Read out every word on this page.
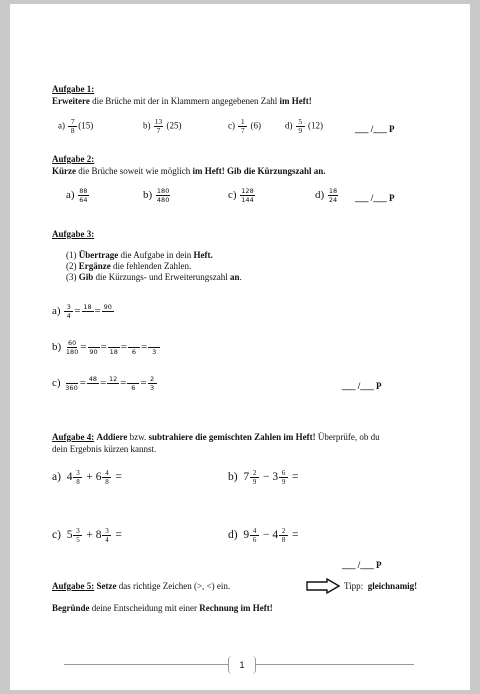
Aufgabe 1:
Erweitere die Brüche mit der in Klammern angegebenen Zahl im Heft!
$a) \frac{7}{8} (15)$	$b) \frac{13}{7} (25)$	$c) \frac{1}{7} (6)$	$d) \frac{5}{9} (12)$	___ /___ P
Aufgabe 2:
Kürze die Brüche soweit wie möglich im Heft! Gib die Kürzungszahl an.
$a) \frac{88}{64}$	$b) \frac{180}{480}$	$c) \frac{128}{144}$	$d) \frac{18}{24}$ ___ /___ P
Aufgabe 3:
(1) Übertrage die Aufgabe in dein Heft.
(2) Ergänze die fehlenden Zahlen.
(3) Gib die Kürzungs- und Erweiterungszahl an.
$a) \frac{3}{4} = 18 = 90$
$b) \frac{60}{180} = 90 = 18 = 6 = 3$
c) $360 = 48 = 12 = 6 = \frac{2}{3}$	___ /___ P
Aufgabe 4: Addiere bzw. subtrahiere die gemischten Zahlen im Heft! Überprüfe, ob du
dein Ergebnis kürzen kannst.
a) $4 \frac{3}{8} + 6 \frac{4}{8}$ =	b) $7 \frac{2}{9} - 3 \frac{6}{9}$ =
c) $5 \frac{3}{5} + 8 \frac{3}{4}$ =	d) $9 \frac{4}{6} - 4 \frac{2}{8}$ =
___ /___ P
Aufgabe 5: Setze das richtige Zeichen (>, <) ein.	Tipp: gleichnamig!
Begründe deine Entscheidung mit einer Rechnung im Heft!
1
